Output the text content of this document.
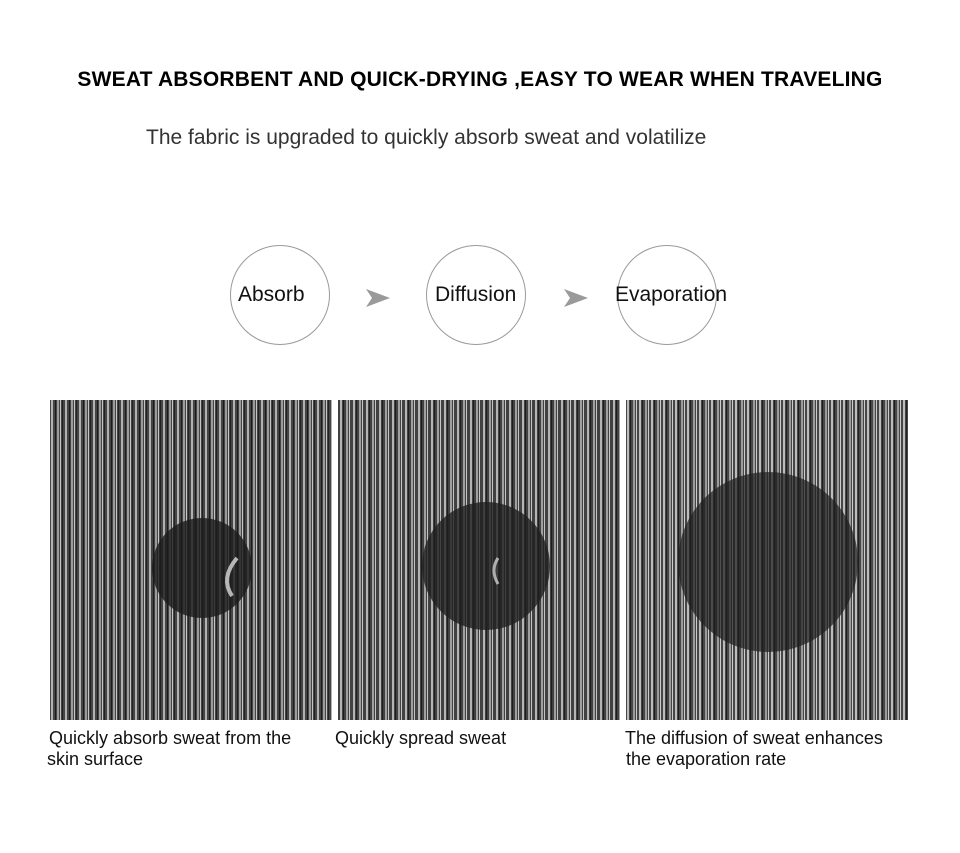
SWEAT ABSORBENT AND QUICK-DRYING ,EASY TO WEAR WHEN TRAVELING
The fabric is upgraded to quickly absorb sweat and volatilize
Absorb	Diffusion	Evaporation
Quickly absorb sweat from the
skin surface
Quickly spread sweat	The diffusion of sweat enhances
the evaporation rate
